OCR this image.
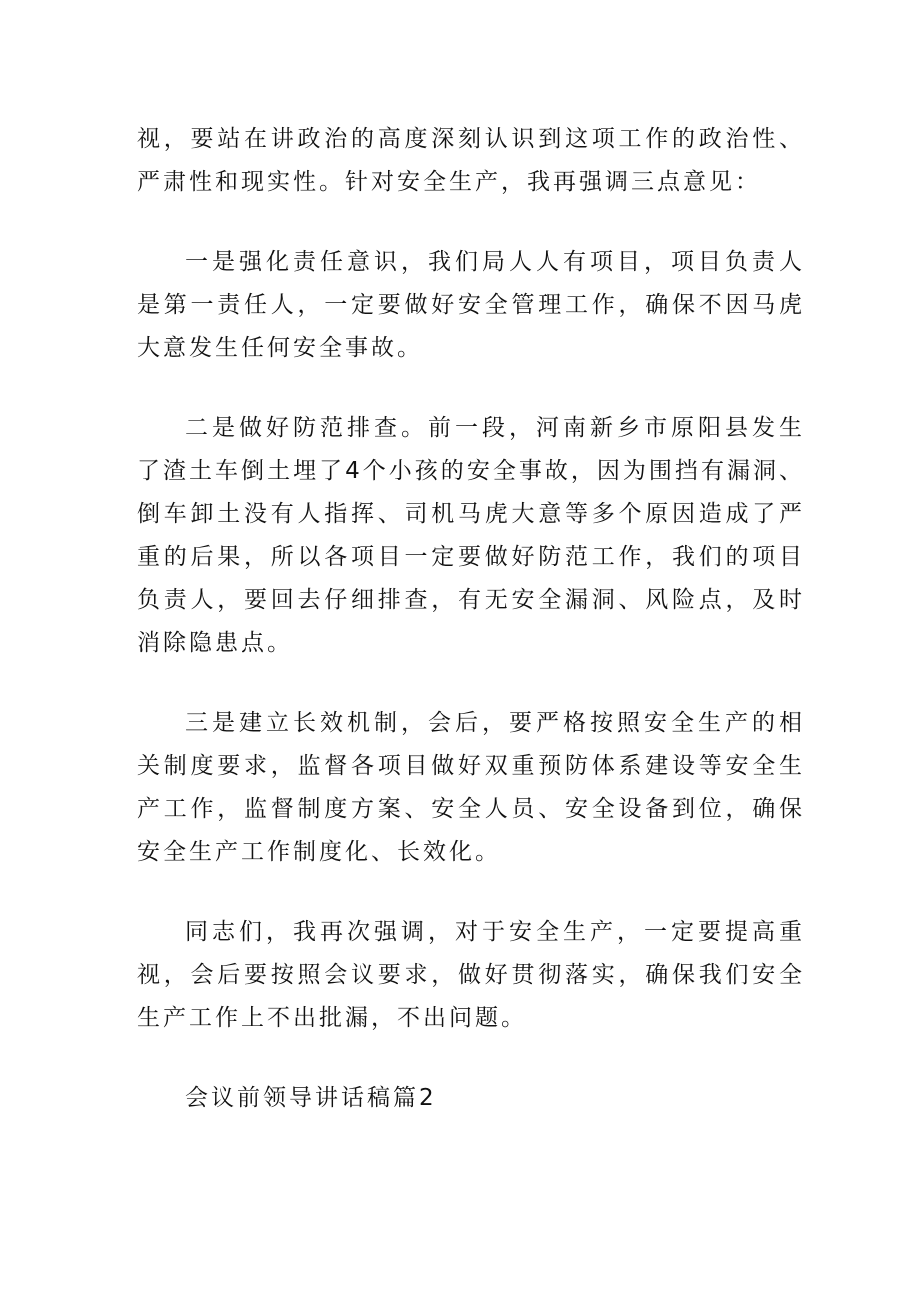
视，要站在讲政治的高度深刻认识到这项工作的政治性、严肃性和现实性。针对安全生产，我再强调三点意见：

一是强化责任意识，我们局人人有项目，项目负责人是第一责任人，一定要做好安全管理工作，确保不因马虎大意发生任何安全事故。

二是做好防范排查。前一段，河南新乡市原阳县发生了渣土车倒土埋了4个小孩的安全事故，因为围挡有漏洞、倒车卸土没有人指挥、司机马虎大意等多个原因造成了严重的后果，所以各项目一定要做好防范工作，我们的项目负责人，要回去仔细排查，有无安全漏洞、风险点，及时消除隐患点。

三是建立长效机制，会后，要严格按照安全生产的相关制度要求，监督各项目做好双重预防体系建设等安全生产工作，监督制度方案、安全人员、安全设备到位，确保安全生产工作制度化、长效化。

同志们，我再次强调，对于安全生产，一定要提高重视，会后要按照会议要求，做好贯彻落实，确保我们安全生产工作上不出批漏，不出问题。

会议前领导讲话稿篇2
